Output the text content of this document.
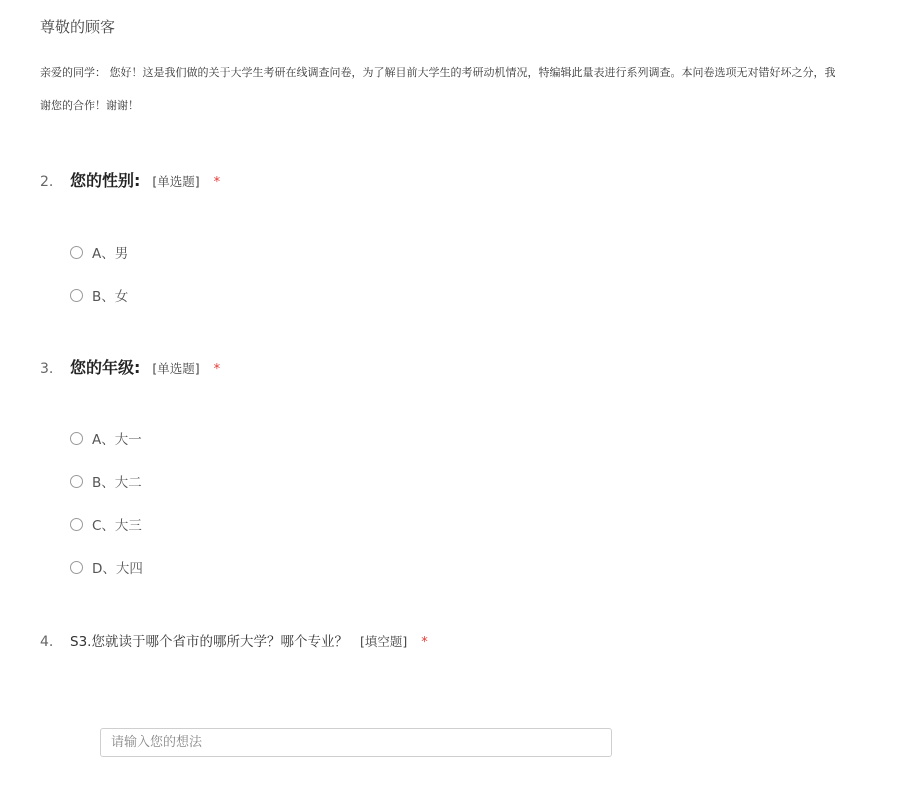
尊敬的顾客
亲爱的同学： 您好！这是我们做的关于大学生考研在线调查问卷，为了解目前大学生的考研动机情况，特编辑此量表进行系列调查。本问卷选项无对错好坏之分，我
谢您的合作！谢谢！
2.	您的性别: [单选题] *
A、男
B、女
3.	您的年级: [单选题] *
A、大一
B、大二
C、大三
D、大四
4.	S3.您就读于哪个省市的哪所大学？哪个专业？ [填空题] *
请输入您的想法
